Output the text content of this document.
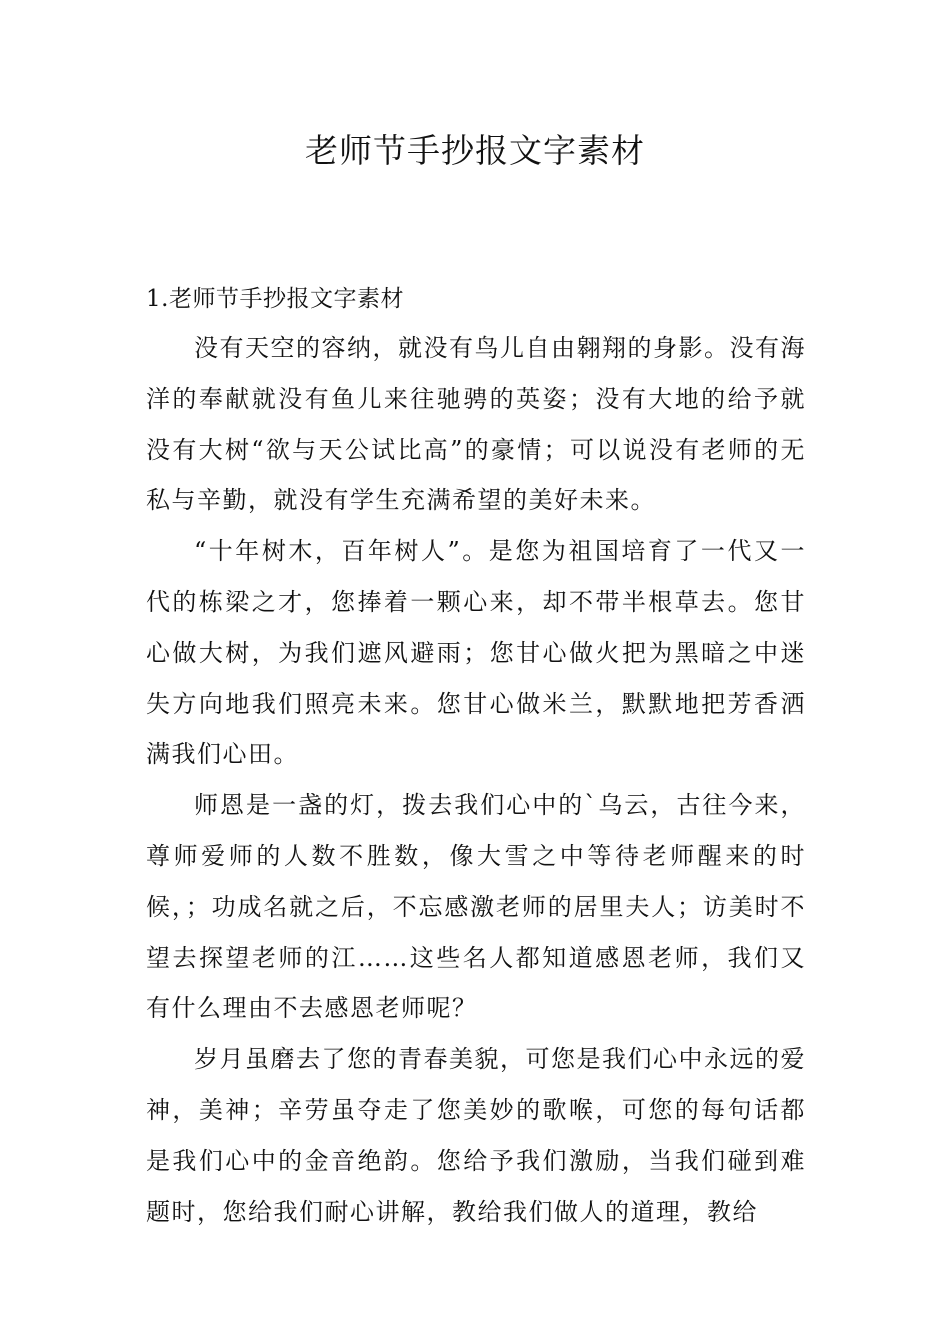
老师节手抄报文字素材

1.老师节手抄报文字素材

没有天空的容纳，就没有鸟儿自由翱翔的身影。没有海洋的奉献就没有鱼儿来往驰骋的英姿；没有大地的给予就没有大树“欲与天公试比高”的豪情；可以说没有老师的无私与辛勤，就没有学生充满希望的美好未来。

“十年树木，百年树人”。是您为祖国培育了一代又一代的栋梁之才，您捧着一颗心来，却不带半根草去。您甘心做大树，为我们遮风避雨；您甘心做火把为黑暗之中迷失方向地我们照亮未来。您甘心做米兰，默默地把芳香洒满我们心田。

师恩是一盏的灯，拨去我们心中的`乌云，古往今来，尊师爱师的人数不胜数，像大雪之中等待老师醒来的时候，；功成名就之后，不忘感激老师的居里夫人；访美时不望去探望老师的江……这些名人都知道感恩老师，我们又有什么理由不去感恩老师呢？

岁月虽磨去了您的青春美貌，可您是我们心中永远的爱神，美神；辛劳虽夺走了您美妙的歌喉，可您的每句话都是我们心中的金音绝韵。您给予我们激励，当我们碰到难题时，您给我们耐心讲解，教给我们做人的道理，教给
